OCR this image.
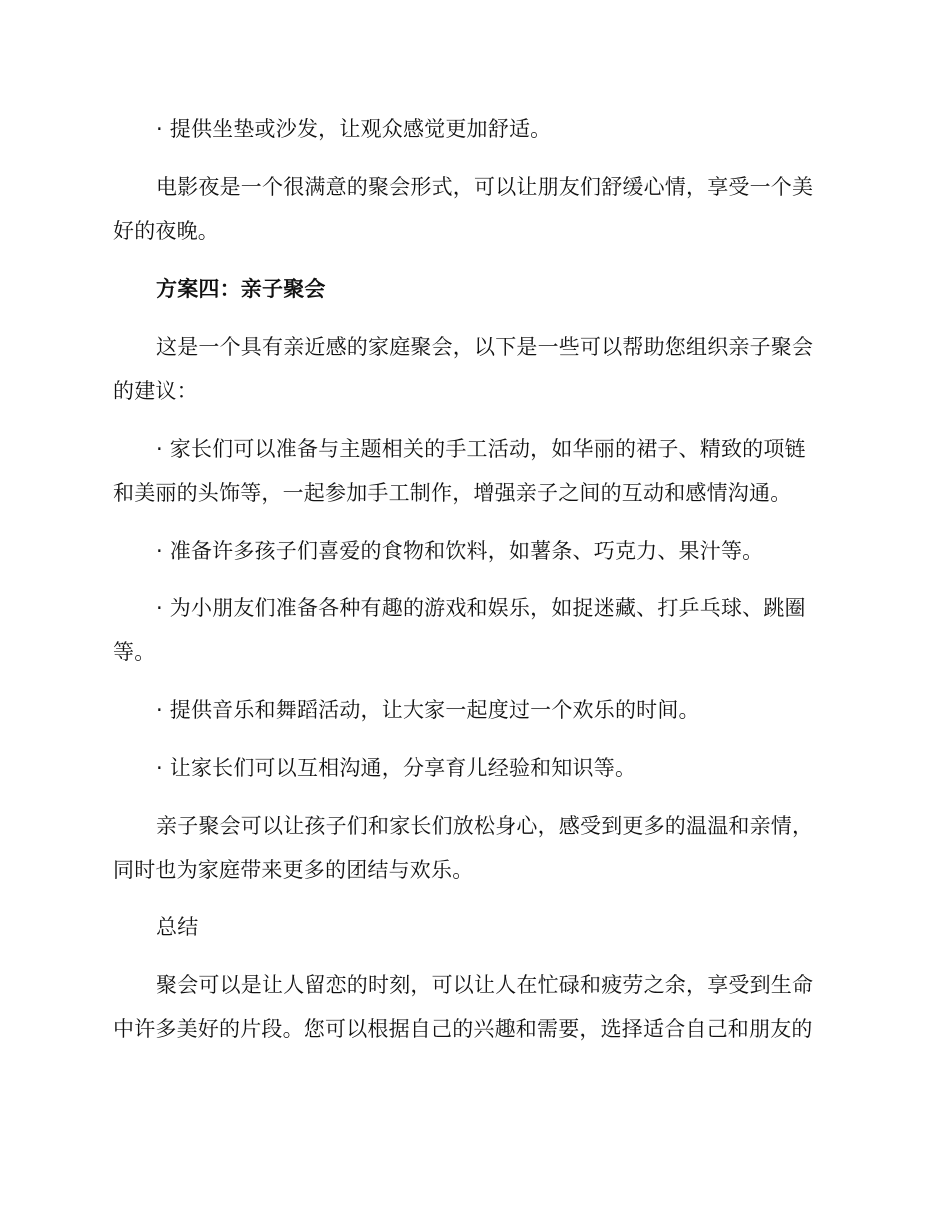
· 提供坐垫或沙发，让观众感觉更加舒适。
电影夜是一个很满意的聚会形式，可以让朋友们舒缓心情，享受一个美
好的夜晚。
方案四：亲子聚会
这是一个具有亲近感的家庭聚会，以下是一些可以帮助您组织亲子聚会
的建议：
· 家长们可以准备与主题相关的手工活动，如华丽的裙子、精致的项链
和美丽的头饰等，一起参加手工制作，增强亲子之间的互动和感情沟通。
· 准备许多孩子们喜爱的食物和饮料，如薯条、巧克力、果汁等。
· 为小朋友们准备各种有趣的游戏和娱乐，如捉迷藏、打乒乓球、跳圈
等。
· 提供音乐和舞蹈活动，让大家一起度过一个欢乐的时间。
· 让家长们可以互相沟通，分享育儿经验和知识等。
亲子聚会可以让孩子们和家长们放松身心，感受到更多的温温和亲情，
同时也为家庭带来更多的团结与欢乐。
总结
聚会可以是让人留恋的时刻，可以让人在忙碌和疲劳之余，享受到生命
中许多美好的片段。您可以根据自己的兴趣和需要，选择适合自己和朋友的
